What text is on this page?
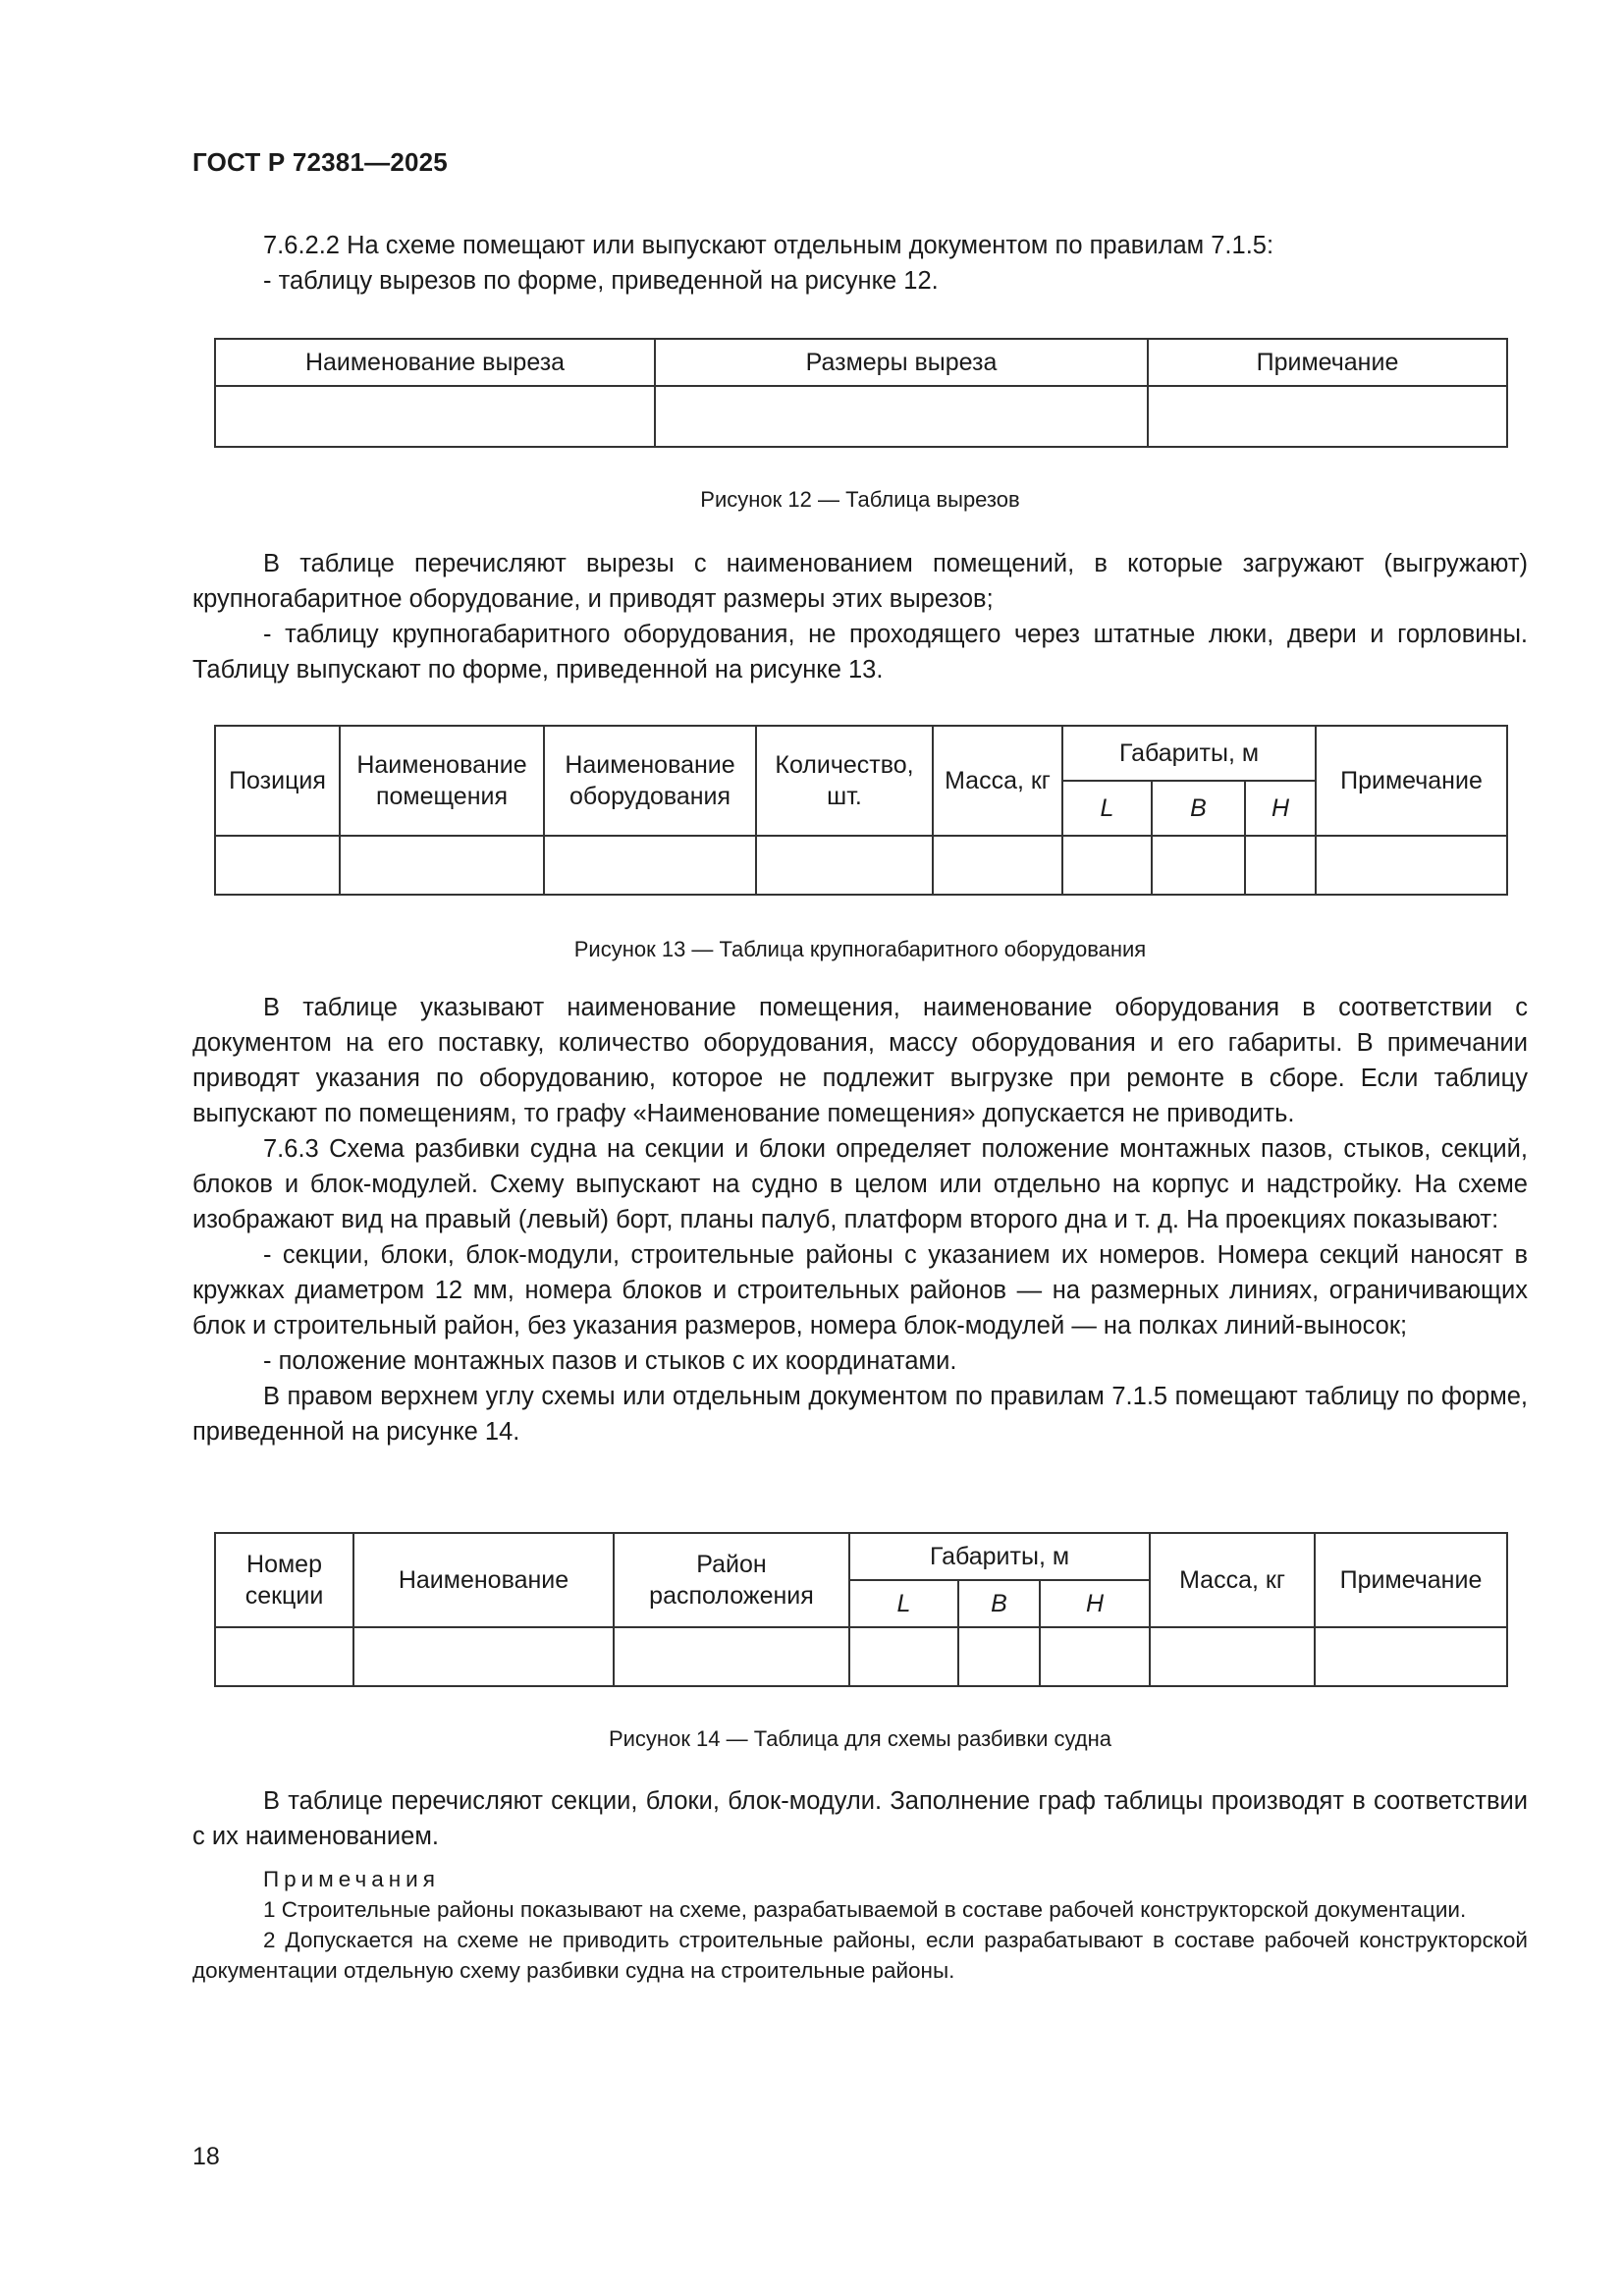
ГОСТ Р 72381—2025

7.6.2.2 На схеме помещают или выпускают отдельным документом по правилам 7.1.5:

- таблицу вырезов по форме, приведенной на рисунке 12.

Наименование выреза	Размеры выреза	Примечание

Рисунок 12 — Таблица вырезов

В таблице перечисляют вырезы с наименованием помещений, в которые загружают (выгружают) крупногабаритное оборудование, и приводят размеры этих вырезов;

- таблицу крупногабаритного оборудования, не проходящего через штатные люки, двери и горловины. Таблицу выпускают по форме, приведенной на рисунке 13.

Позиция	Наименование помещения	Наименование оборудования	Количество, шт.	Масса, кг	Габариты, м			Примечание
					L	B	H	

Рисунок 13 — Таблица крупногабаритного оборудования

В таблице указывают наименование помещения, наименование оборудования в соответствии с документом на его поставку, количество оборудования, массу оборудования и его габариты. В примечании приводят указания по оборудованию, которое не подлежит выгрузке при ремонте в сборе. Если таблицу выпускают по помещениям, то графу «Наименование помещения» допускается не приводить.

7.6.3 Схема разбивки судна на секции и блоки определяет положение монтажных пазов, стыков, секций, блоков и блок-модулей. Схему выпускают на судно в целом или отдельно на корпус и надстройку. На схеме изображают вид на правый (левый) борт, планы палуб, платформ второго дна и т. д. На проекциях показывают:

- секции, блоки, блок-модули, строительные районы с указанием их номеров. Номера секций наносят в кружках диаметром 12 мм, номера блоков и строительных районов — на размерных линиях, ограничивающих блок и строительный район, без указания размеров, номера блок-модулей — на полках линий-выносок;

- положение монтажных пазов и стыков с их координатами.

В правом верхнем углу схемы или отдельным документом по правилам 7.1.5 помещают таблицу по форме, приведенной на рисунке 14.

Номер секции	Наименование	Район расположения	Габариты, м			Масса, кг	Примечание
			L	B	H		

Рисунок 14 — Таблица для схемы разбивки судна

В таблице перечисляют секции, блоки, блок-модули. Заполнение граф таблицы производят в соответствии с их наименованием.

Примечания

1 Строительные районы показывают на схеме, разрабатываемой в составе рабочей конструкторской документации.

2 Допускается на схеме не приводить строительные районы, если разрабатывают в составе рабочей конструкторской документации отдельную схему разбивки судна на строительные районы.

18
